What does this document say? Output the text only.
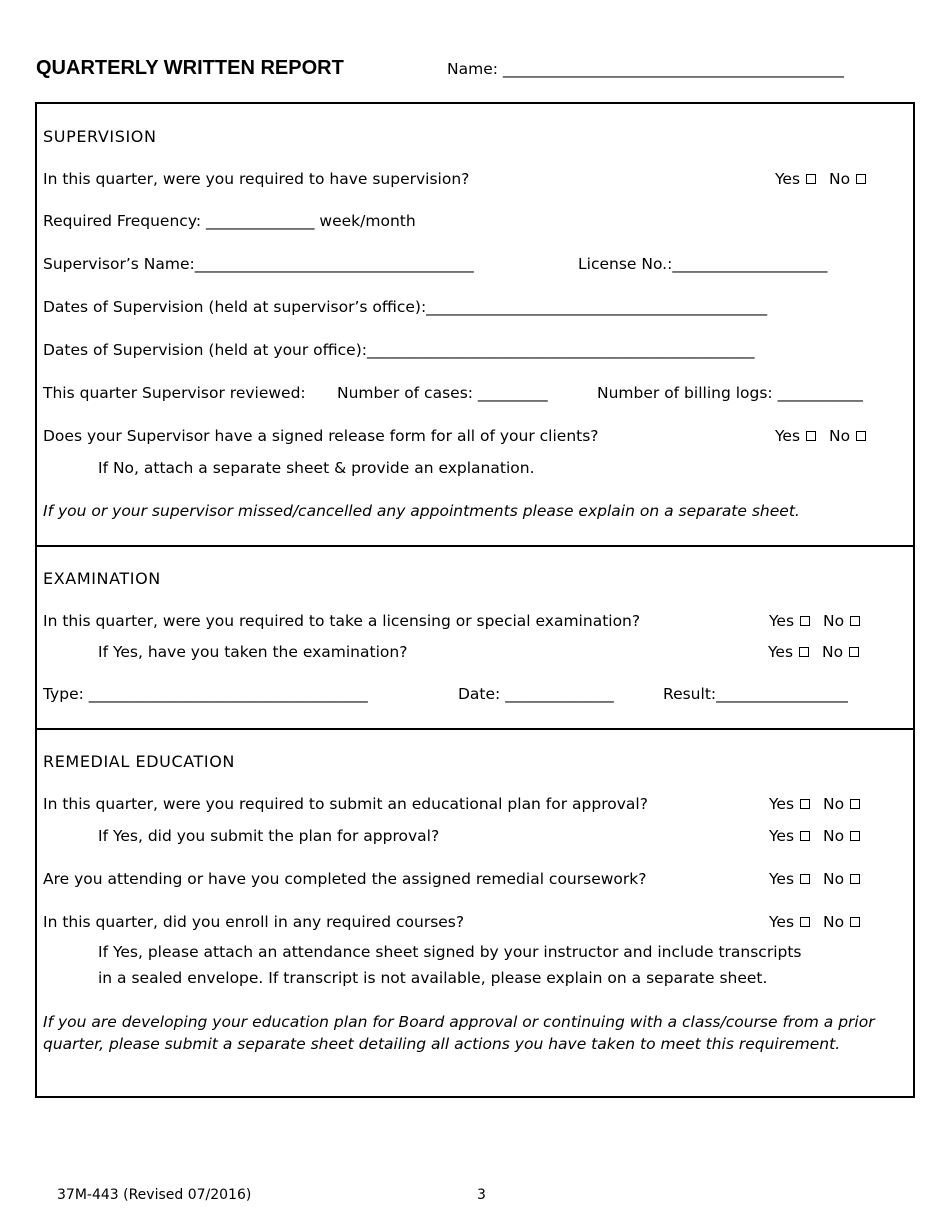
QUARTERLY WRITTEN REPORT	Name: ____________________________________________
SUPERVISION
In this quarter, were you required to have supervision?	Yes No
Required Frequency: ______________ week/month
Supervisor’s Name:____________________________________	License No.:____________________
Dates of Supervision (held at supervisor’s office):____________________________________________
Dates of Supervision (held at your office):__________________________________________________
This quarter Supervisor reviewed: Number of cases: _________	Number of billing logs: ___________
Does your Supervisor have a signed release form for all of your clients?	Yes No
If No, attach a separate sheet & provide an explanation.
If you or your supervisor missed/cancelled any appointments please explain on a separate sheet.
EXAMINATION
In this quarter, were you required to take a licensing or special examination?	Yes No
If Yes, have you taken the examination?	Yes No
Type: ____________________________________	Date: ______________	Result:_________________
REMEDIAL EDUCATION
In this quarter, were you required to submit an educational plan for approval?	Yes No
If Yes, did you submit the plan for approval?	Yes No
Are you attending or have you completed the assigned remedial coursework?	Yes No
In this quarter, did you enroll in any required courses?	Yes No
If Yes, please attach an attendance sheet signed by your instructor and include transcripts
in a sealed envelope. If transcript is not available, please explain on a separate sheet.
If you are developing your education plan for Board approval or continuing with a class/course from a prior quarter, please submit a separate sheet detailing all actions you have taken to meet this requirement.
37M-443 (Revised 07/2016)	3
